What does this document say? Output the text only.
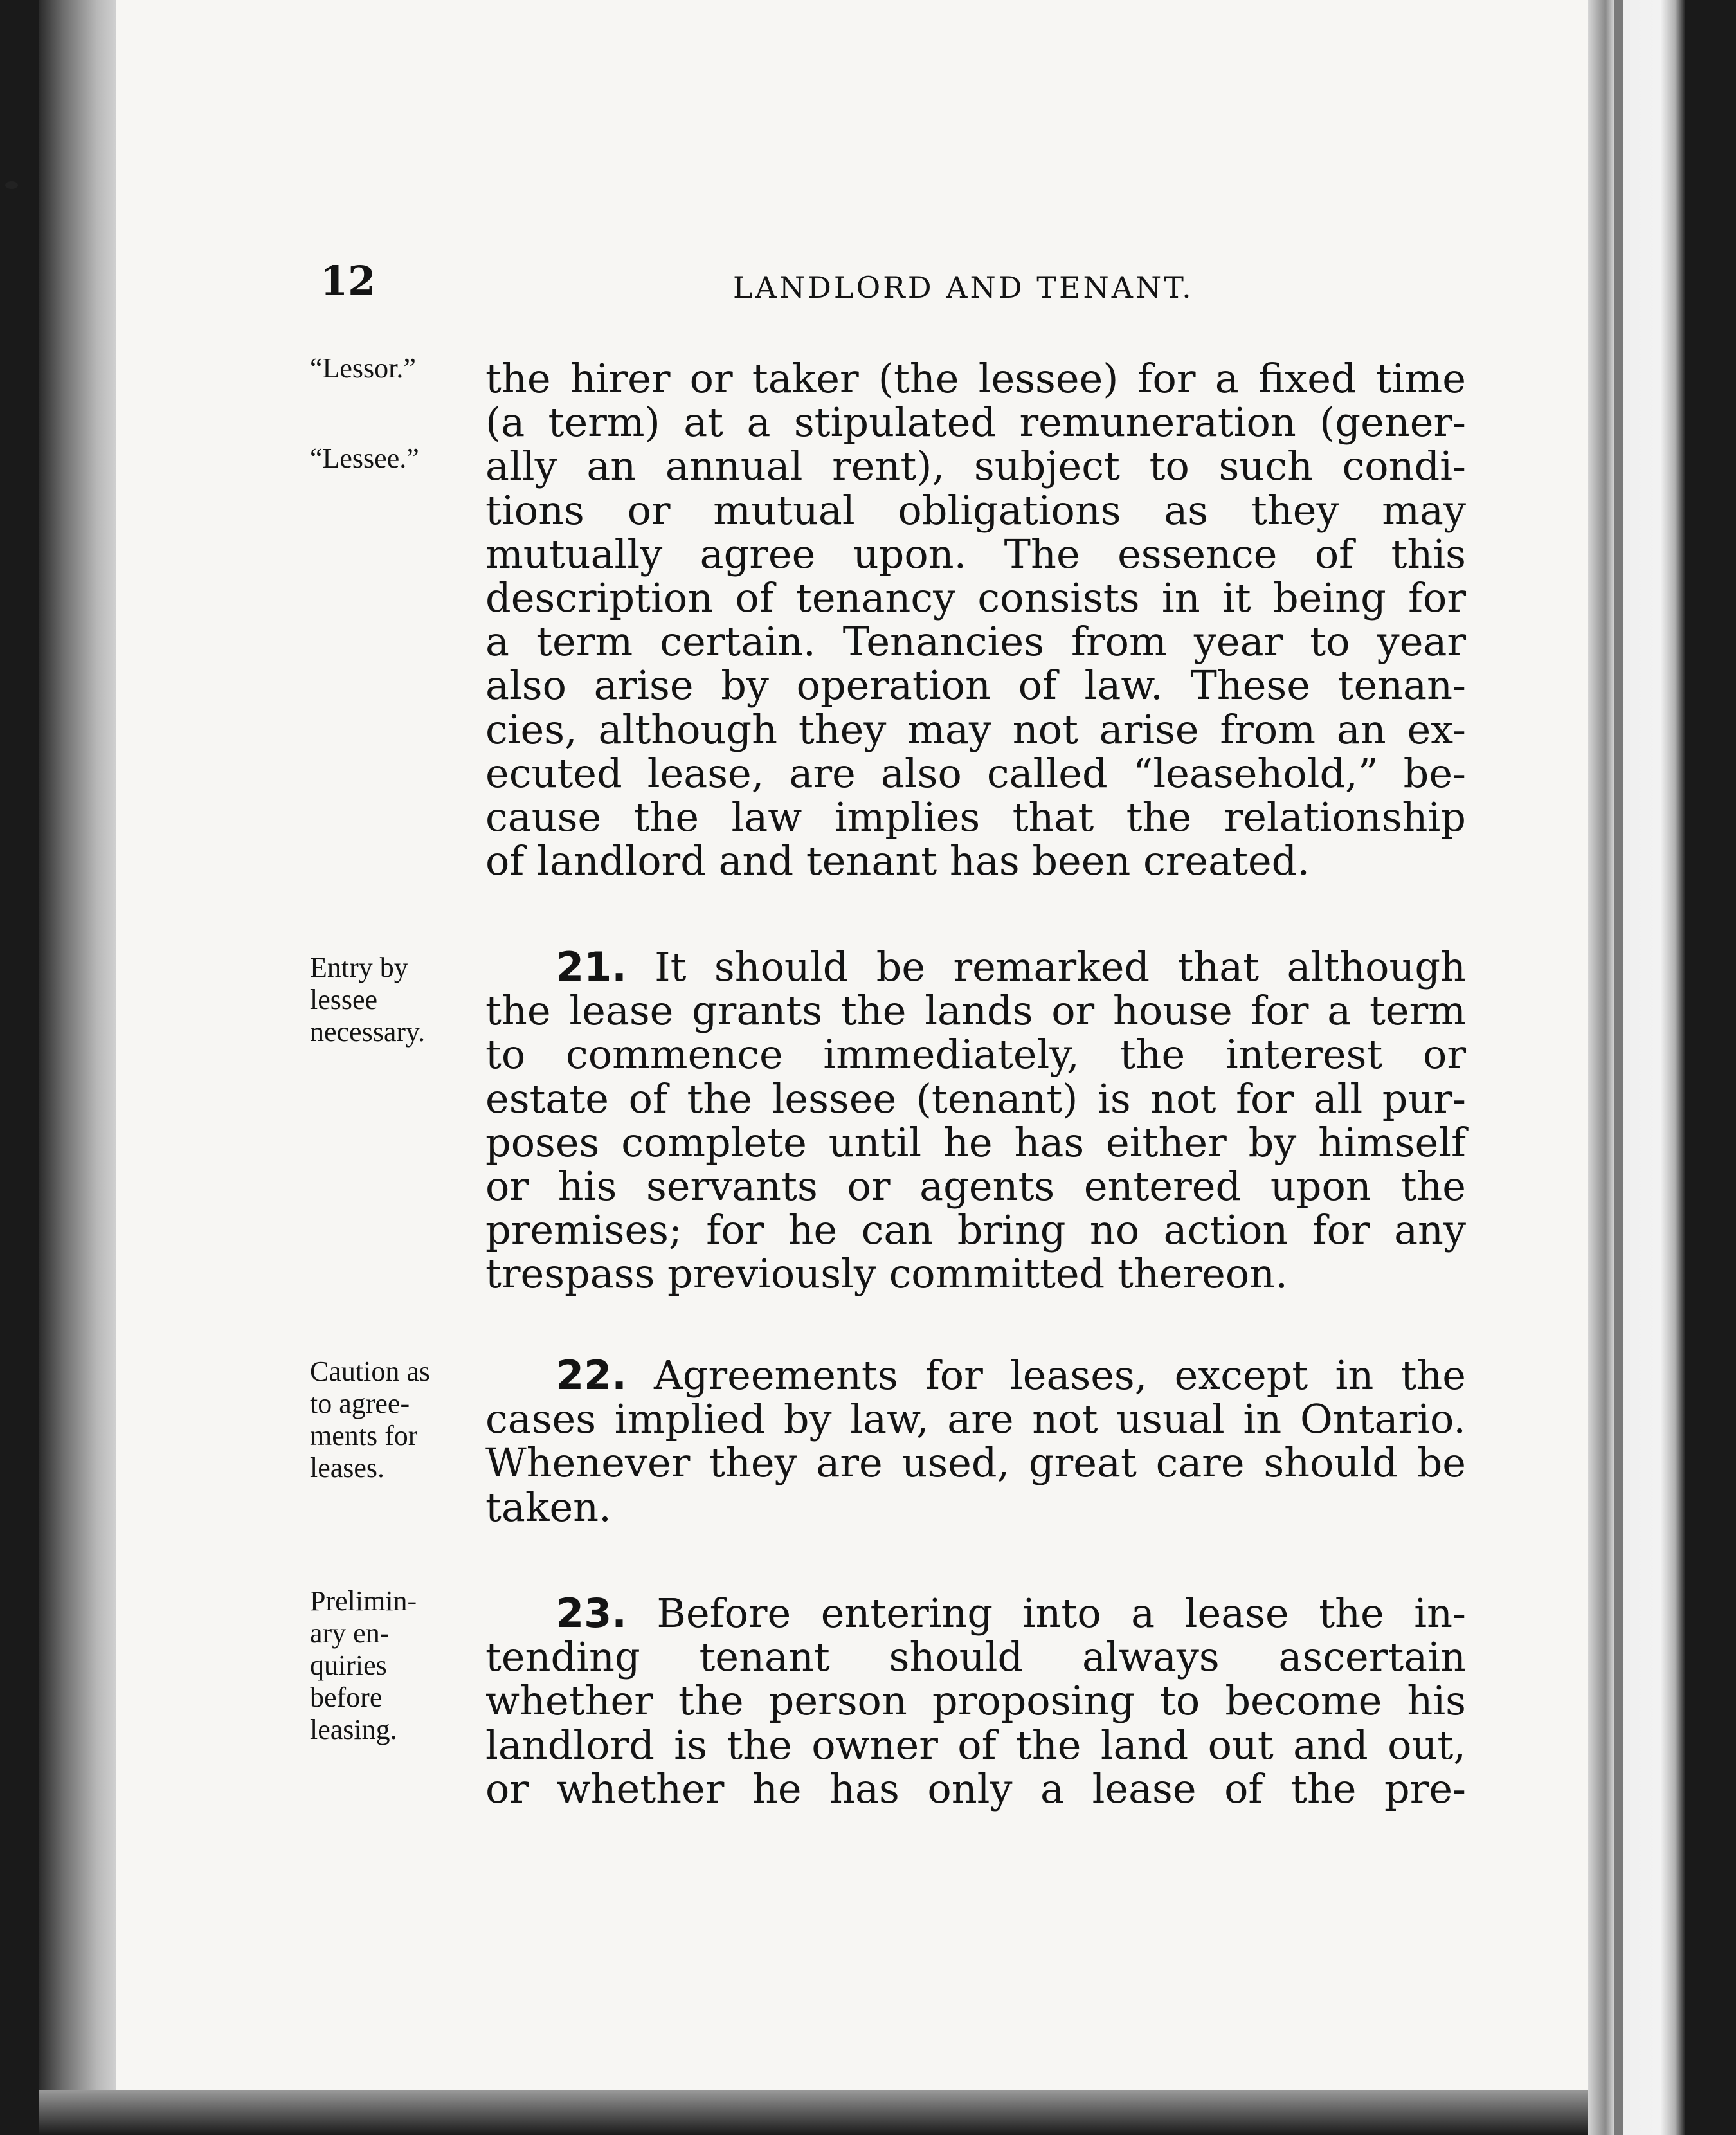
12	LANDLORD AND TENANT.
“Lessor.”
“Lessee.”
Entry by
lessee
necessary.
Caution as
to agree-
ments for
leases.
Prelimin-
ary en-
quiries
before
leasing.
the hirer or taker (the lessee) for a fixed time
(a term) at a stipulated remuneration (gener-
ally an annual rent), subject to such condi-
tions or mutual obligations as they may
mutually agree upon. The essence of this
description of tenancy consists in it being for
a term certain. Tenancies from year to year
also arise by operation of law. These tenan-
cies, although they may not arise from an ex-
ecuted lease, are also called “leasehold,” be-
cause the law implies that the relationship
of landlord and tenant has been created.
21. It should be remarked that although
the lease grants the lands or house for a term
to commence immediately, the interest or
estate of the lessee (tenant) is not for all pur-
poses complete until he has either by himself
or his servants or agents entered upon the
premises; for he can bring no action for any
trespass previously committed thereon.
22. Agreements for leases, except in the
cases implied by law, are not usual in Ontario.
Whenever they are used, great care should be
taken.
23. Before entering into a lease the in-
tending tenant should always ascertain
whether the person proposing to become his
landlord is the owner of the land out and out,
or whether he has only a lease of the pre-
